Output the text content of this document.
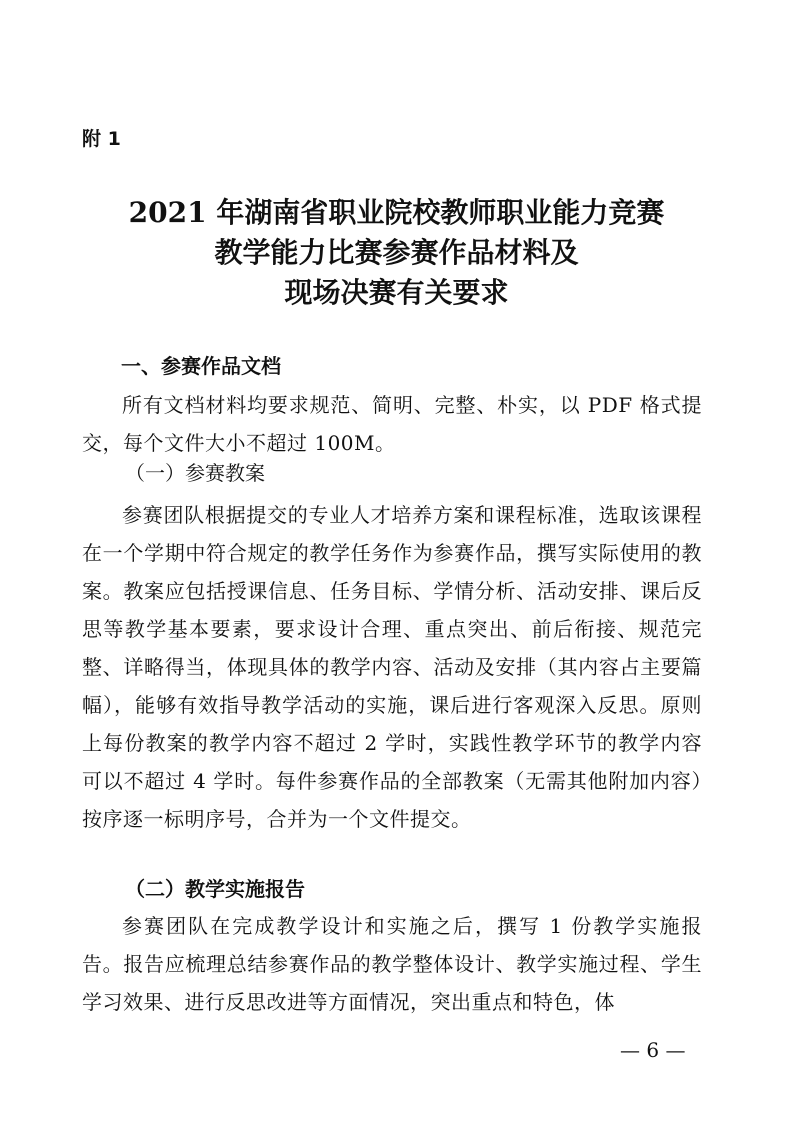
附 1
2021 年湖南省职业院校教师职业能力竞赛
教学能力比赛参赛作品材料及
现场决赛有关要求
一、参赛作品文档
所有文档材料均要求规范、简明、完整、朴实，以 PDF 格式提交，每个文件大小不超过 100M。
（一）参赛教案
参赛团队根据提交的专业人才培养方案和课程标准，选取该课程在一个学期中符合规定的教学任务作为参赛作品，撰写实际使用的教案。教案应包括授课信息、任务目标、学情分析、活动安排、课后反思等教学基本要素，要求设计合理、重点突出、前后衔接、规范完整、详略得当，体现具体的教学内容、活动及安排（其内容占主要篇幅），能够有效指导教学活动的实施，课后进行客观深入反思。原则上每份教案的教学内容不超过 2 学时，实践性教学环节的教学内容可以不超过 4 学时。每件参赛作品的全部教案（无需其他附加内容）按序逐一标明序号，合并为一个文件提交。
（二）教学实施报告
参赛团队在完成教学设计和实施之后，撰写 1 份教学实施报告。报告应梳理总结参赛作品的教学整体设计、教学实施过程、学生学习效果、进行反思改进等方面情况，突出重点和特色，体
— 6 —
